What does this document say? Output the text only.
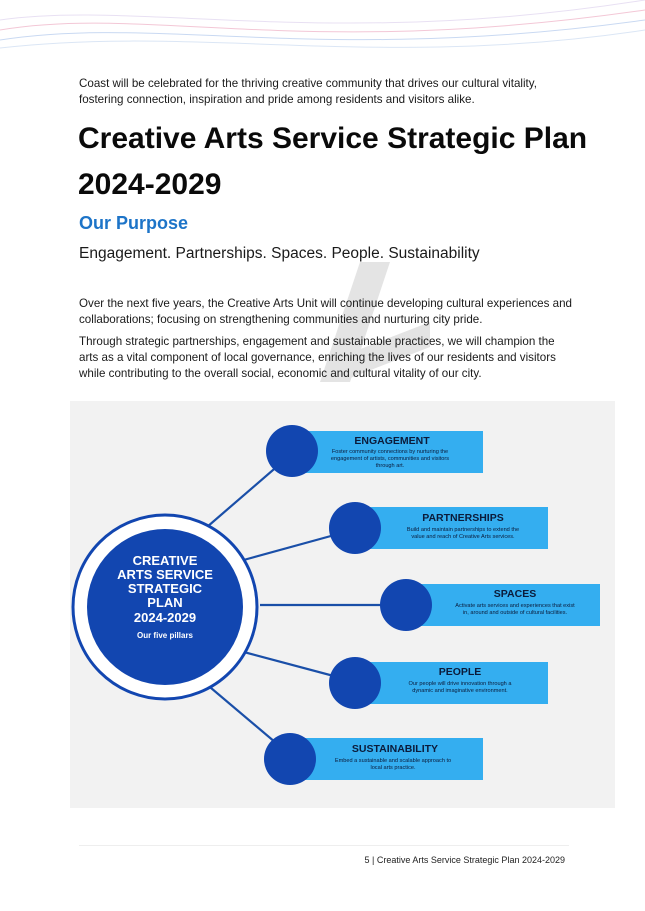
Coast will be celebrated for the thriving creative community that drives our cultural vitality, fostering connection, inspiration and pride among residents and visitors alike.

Creative Arts Service Strategic Plan 2024-2029
Our Purpose
Engagement. Partnerships. Spaces. People. Sustainability

Over the next five years, the Creative Arts Unit will continue developing cultural experiences and collaborations; focusing on strengthening communities and nurturing city pride.

Through strategic partnerships, engagement and sustainable practices, we will champion the arts as a vital component of local governance, enriching the lives of our residents and visitors while contributing to the overall social, economic and cultural vitality of our city.

CREATIVE
ARTS SERVICE
STRATEGIC
PLAN
2024-2029
Our five pillars
ENGAGEMENT
Foster community connections by nurturing the
engagement of artists, communities and visitors
through art.
PARTNERSHIPS
Build and maintain partnerships to extend the
value and reach of Creative Arts services.
SPACES
Activate arts services and experiences that exist
in, around and outside of cultural facilities.
PEOPLE
Our people will drive innovation through a
dynamic and imaginative environment.
SUSTAINABILITY
Embed a sustainable and scalable approach to
local arts practice.
5 | Creative Arts Service Strategic Plan 2024-2029
